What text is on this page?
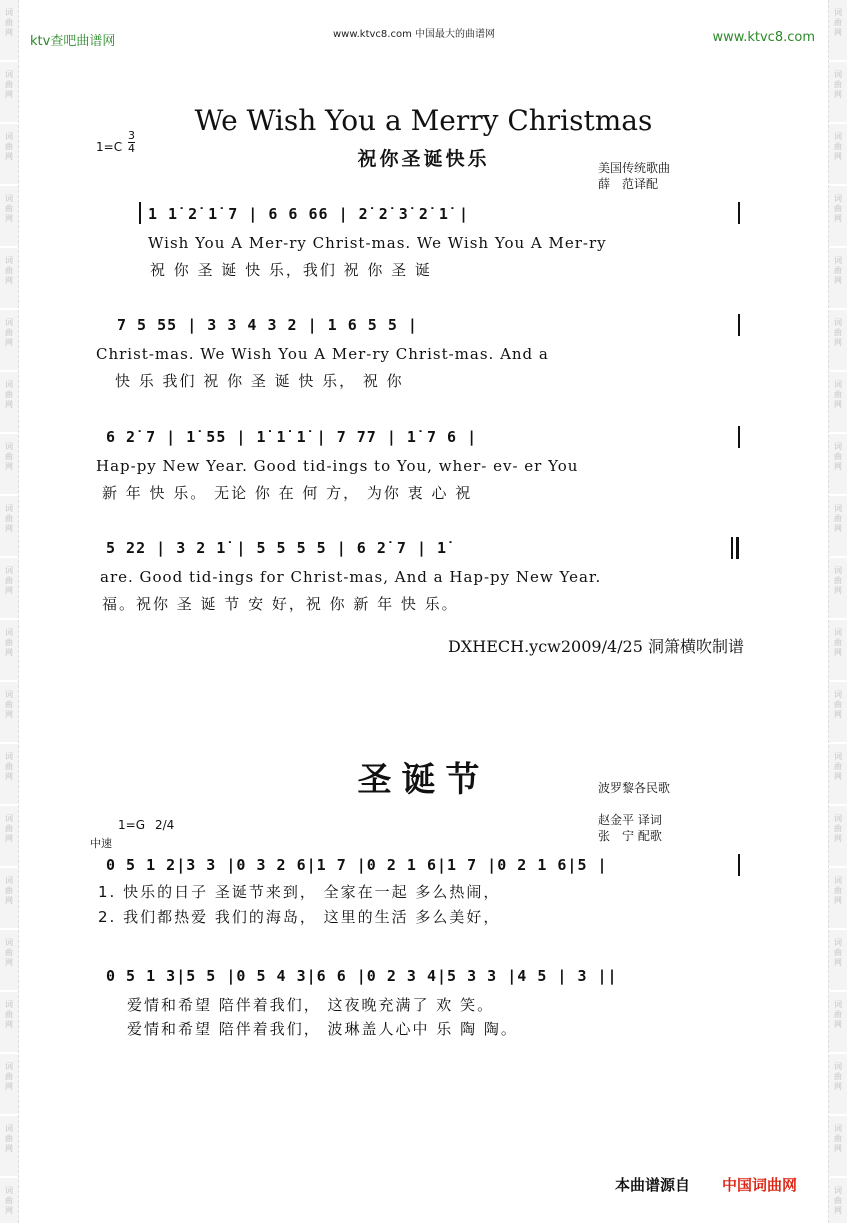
词
曲
网
词
曲
网
词
曲
网
词
曲
网
词
曲
网
词
曲
网
词
曲
网
词
曲
网
词
曲
网
词
曲
网
词
曲
网
词
曲
网
词
曲
网
词
曲
网
词
曲
网
词
曲
网
词
曲
网
词
曲
网
词
曲
网
词
曲
网
词
曲
网
词
曲
网
词
曲
网
词
曲
网
词
曲
网
词
曲
网
词
曲
网
词
曲
网
词
曲
网
词
曲
网
词
曲
网
词
曲
网
词
曲
网
词
曲
网
词
曲
网
词
曲
网
词
曲
网
词
曲
网
词
曲
网
词
曲
网
ktv查吧曲谱网	www.ktvc8.com 中国最大的曲谱网	www.ktvc8.com
We Wish You a Merry Christmas
祝你圣诞快乐
1=C
3
4
美国传统歌曲
薛　范译配
1 1̇ 2̇ 1̇ 7 | 6 6 66 | 2̇ 2̇ 3̇ 2̇ 1̇ |
Wish You A Mer-ry Christ-mas. We Wish You A Mer-ry
祝 你 圣 诞 快 乐，我们 祝 你 圣 诞
7 5 55 | 3 3 4 3 2 | 1 6 5 5 |
Christ-mas. We Wish You A Mer-ry Christ-mas. And a
快 乐 我们 祝 你 圣 诞 快 乐， 祝 你
6 2̇ 7 | 1̇ 55 | 1̇ 1̇ 1̇ | 7 77 | 1̇ 7 6 |
Hap-py New Year. Good tid-ings to You, wher- ev- er You
新 年 快 乐。 无论 你 在 何 方， 为你 衷 心 祝
5 22 | 3 2 1̇ | 5 5 5 5 | 6 2̇ 7 | 1̇
are. Good tid-ings for Christ-mas, And a Hap-py New Year.
福。祝你 圣 诞 节 安 好，祝 你 新 年 快 乐。
DXHECH.ycw2009/4/25 洞箫横吹制谱
圣诞节	波罗黎各民歌
赵金平 译词
张　宁 配歌
1=G 2/4
中速
0 5 1 2|3 3 |0 3 2 6|1 7 |0 2 1 6|1 7 |0 2 1 6|5 |
1. 快乐的日子 圣诞节来到， 全家在一起 多么热闹，
2. 我们都热爱 我们的海岛， 这里的生活 多么美好，
0 5 1 3|5 5 |0 5 4 3|6 6 |0 2 3 4|5 3 3 |4 5 | 3 ||
爱情和希望 陪伴着我们， 这夜晚充满了 欢 笑。
爱情和希望 陪伴着我们， 波琳盖人心中 乐 陶 陶。
本曲谱源自 中国词曲网
